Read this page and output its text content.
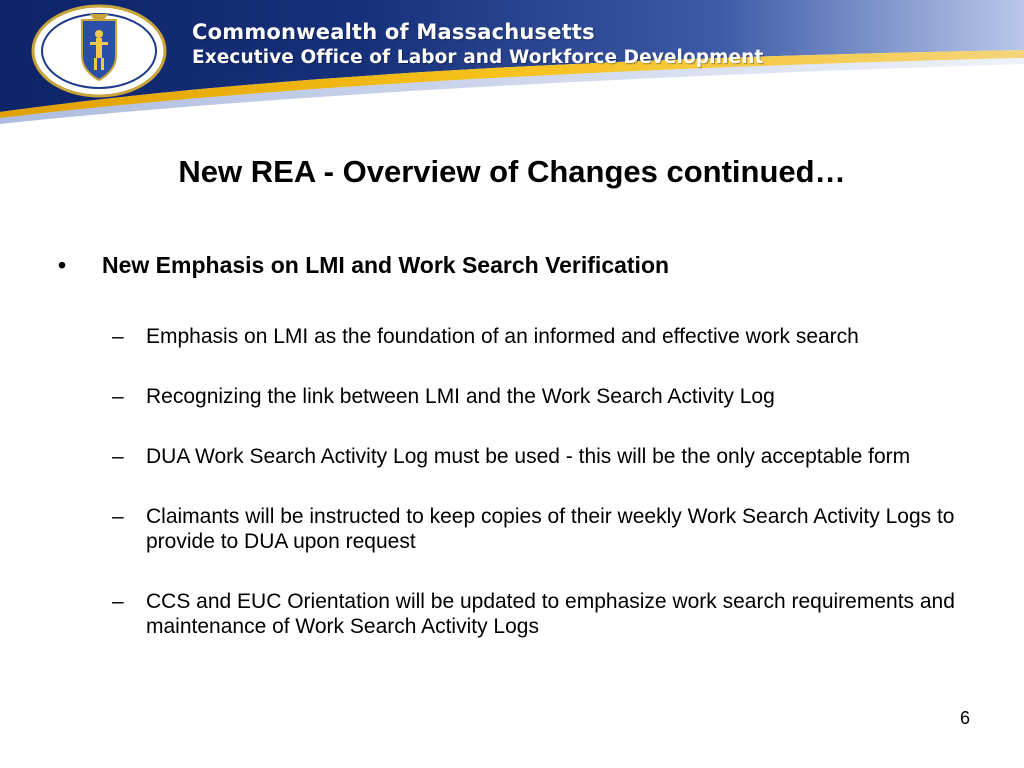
Commonwealth of Massachusetts
Executive Office of Labor and Workforce Development
New REA - Overview of Changes continued…
• New Emphasis on LMI and Work Search Verification
– Emphasis on LMI as the foundation of an informed and effective work search
– Recognizing the link between LMI and the Work Search Activity Log
– DUA Work Search Activity Log must be used - this will be the only acceptable form
– Claimants will be instructed to keep copies of their weekly Work Search Activity Logs to provide to DUA upon request
– CCS and EUC Orientation will be updated to emphasize work search requirements and maintenance of Work Search Activity Logs
6
